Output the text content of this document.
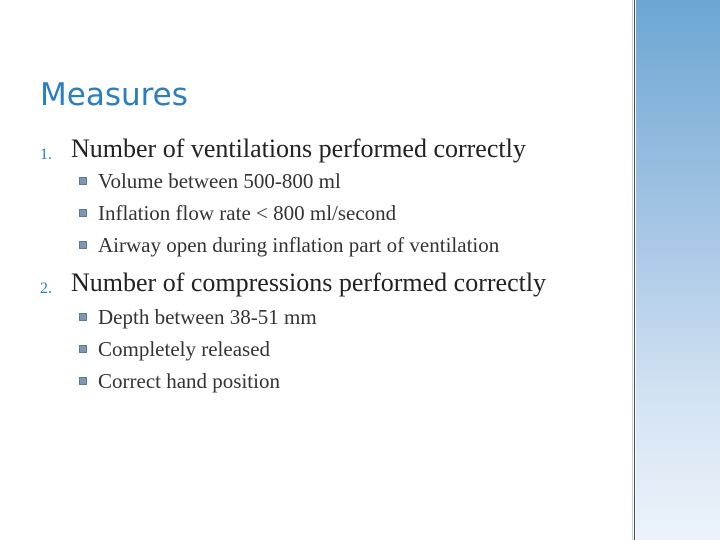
Measures
1. Number of ventilations performed correctly
Volume between 500-800 ml
Inflation flow rate < 800 ml/second
Airway open during inflation part of ventilation
2. Number of compressions performed correctly
Depth between 38-51 mm
Completely released
Correct hand position
